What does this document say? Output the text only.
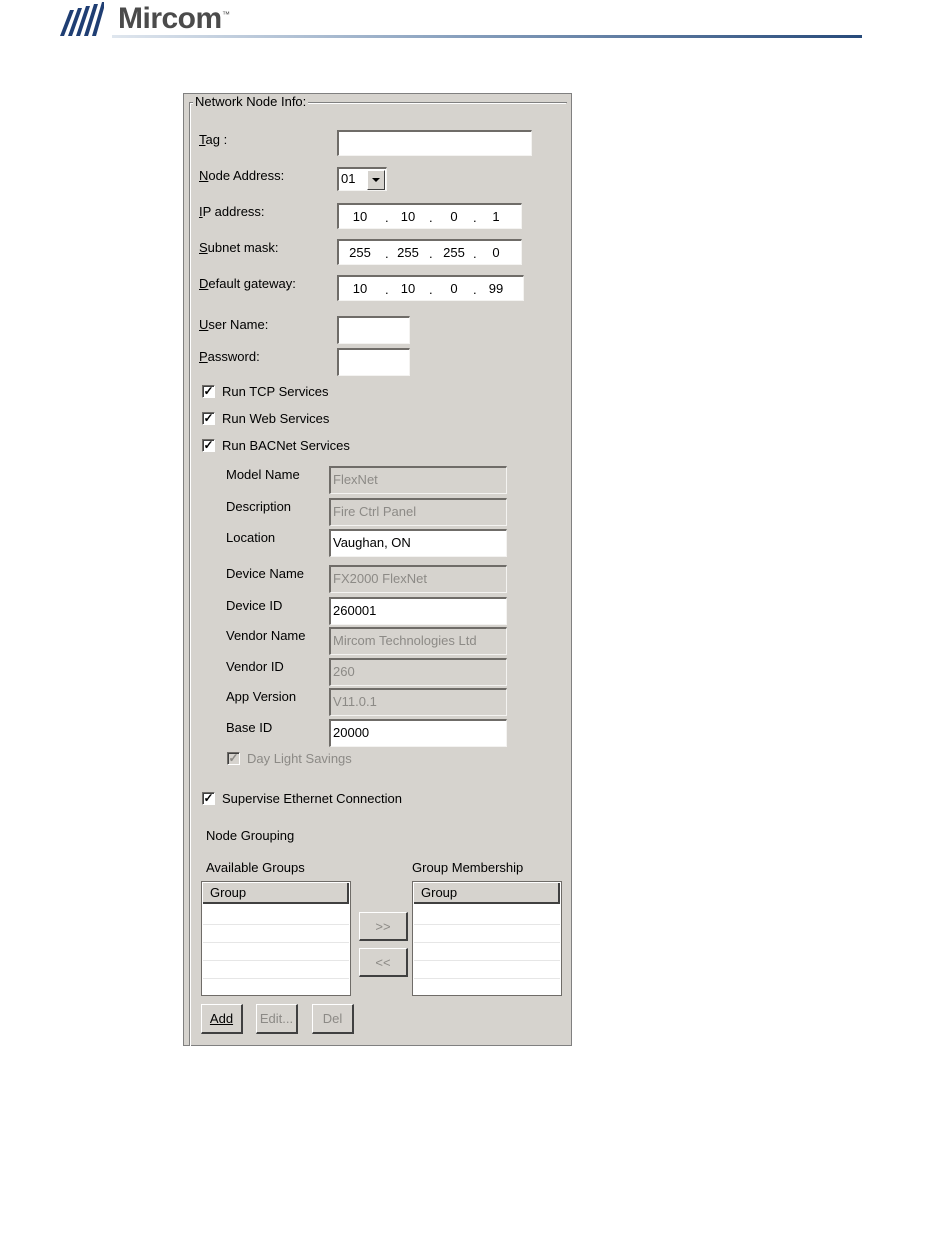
Mircom ™
Network Node Info:
Tag :
Node Address:	01
IP address:	10	. 10	.	0	.	1
Subnet mask:	255 . 255 . 255 .	0
Default gateway:	10	. 10	.	0	. 99
User Name:
Password:
✓ Run TCP Services
✓ Run Web Services
✓ Run BACNet Services
Model Name	FlexNet
Description	Fire Ctrl Panel
Location	Vaughan, ON
Device Name	FX2000 FlexNet
Device ID	260001
Vendor Name	Mircom Technologies Ltd
Vendor ID	260
App Version	V11.0.1
Base ID	20000
✓ Day Light Savings
✓ Supervise Ethernet Connection
Node Grouping
Available Groups	Group Membership
Group
>>
<<
Group
Add	Edit...	Del
